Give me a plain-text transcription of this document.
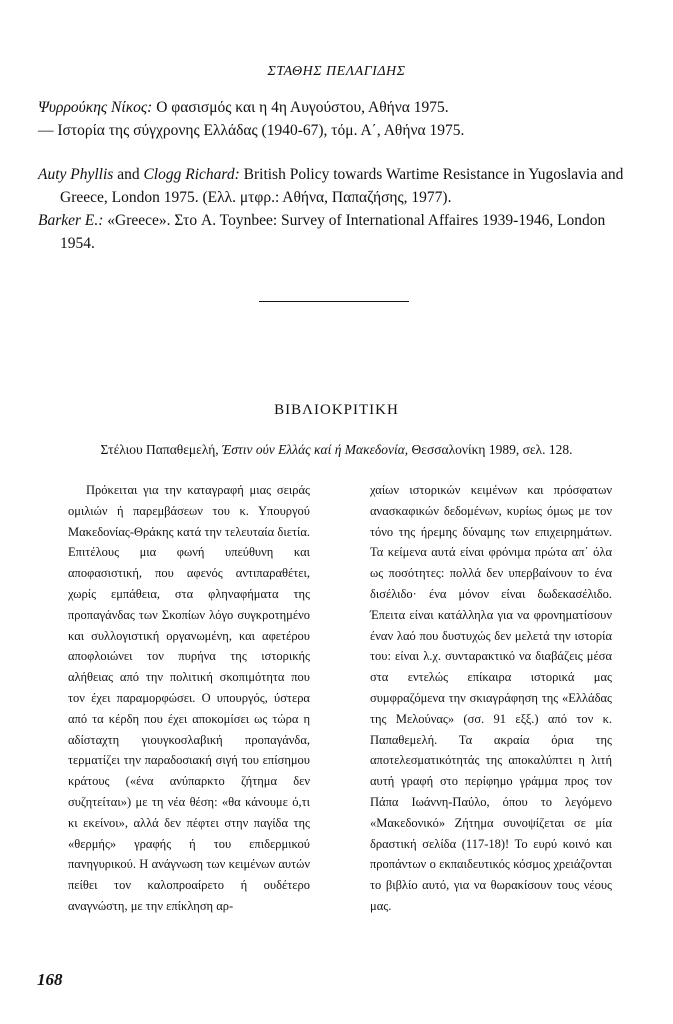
ΣΤΑΘΗΣ ΠΕΛΑΓΙΔΗΣ

Ψυρρούκης Νίκος: Ο φασισμός και η 4η Αυγούστου, Αθήνα 1975.

— Ιστορία της σύγχρονης Ελλάδας (1940-67), τόμ. Α΄, Αθήνα 1975.

Auty Phyllis and Clogg Richard: British Policy towards Wartime Resistance in Yugoslavia and Greece, London 1975. (Ελλ. μτφρ.: Αθήνα, Παπαζήσης, 1977).

Barker E.: «Greece». Στο A. Toynbee: Survey of International Affaires 1939-1946, London 1954.

ΒΙΒΛΙΟΚΡΙΤΙΚΗ
Στέλιου Παπαθεμελή, Έστιν ούν Ελλάς καί ή Μακεδονία, Θεσσαλονίκη 1989, σελ. 128.

Πρόκειται για την καταγραφή μιας σειράς ομιλιών ή παρεμβάσεων του κ. Υπουργού Μακεδονίας-Θράκης κατά την τελευταία διετία. Επιτέλους μια φωνή υπεύθυνη και αποφασιστική, που αφενός αντιπαραθέτει, χωρίς εμπάθεια, στα φληναφήματα της προπαγάνδας των Σκοπίων λόγο συγκροτημένο και συλλογιστική οργανωμένη, και αφετέρου αποφλοιώνει τον πυρήνα της ιστορικής αλήθειας από την πολιτική σκοπιμότητα που τον έχει παραμορφώσει. Ο υπουργός, ύστερα από τα κέρδη που έχει αποκομίσει ως τώρα η αδίσταχτη γιουγκοσλαβική προπαγάνδα, τερματίζει την παραδοσιακή σιγή του επίσημου κράτους («ένα ανύπαρκτο ζήτημα δεν συζητείται») με τη νέα θέση: «θα κάνουμε ό,τι κι εκείνοι», αλλά δεν πέφτει στην παγίδα της «θερμής» γραφής ή του επιδερμικού πανηγυρικού. Η ανάγνωση των κειμένων αυτών πείθει τον καλοπροαίρετο ή ουδέτερο αναγνώστη, με την επίκληση αρ-

χαίων ιστορικών κειμένων και πρόσφατων ανασκαφικών δεδομένων, κυρίως όμως με τον τόνο της ήρεμης δύναμης των επιχειρημάτων. Τα κείμενα αυτά είναι φρόνιμα πρώτα απ΄ όλα ως ποσότητες: πολλά δεν υπερβαίνουν το ένα δισέλιδο· ένα μόνον είναι δωδεκασέλιδο. Έπειτα είναι κατάλληλα για να φρονηματίσουν έναν λαό που δυστυχώς δεν μελετά την ιστορία του: είναι λ.χ. συνταρακτικό να διαβάζεις μέσα στα εντελώς επίκαιρα ιστορικά μας συμφραζόμενα την σκιαγράφηση της «Ελλάδας της Μελούνας» (σσ. 91 εξξ.) από τον κ. Παπαθεμελή. Τα ακραία όρια της αποτελεσματικότητάς της αποκαλύπτει η λιτή αυτή γραφή στο περίφημο γράμμα προς τον Πάπα Ιωάννη-Παύλο, όπου το λεγόμενο «Μακεδονικό» Ζήτημα συνοψίζεται σε μία δραστική σελίδα (117-18)! Το ευρύ κοινό και προπάντων ο εκπαιδευτικός κόσμος χρειάζονται το βιβλίο αυτό, για να θωρακίσουν τους νέους μας.

168
